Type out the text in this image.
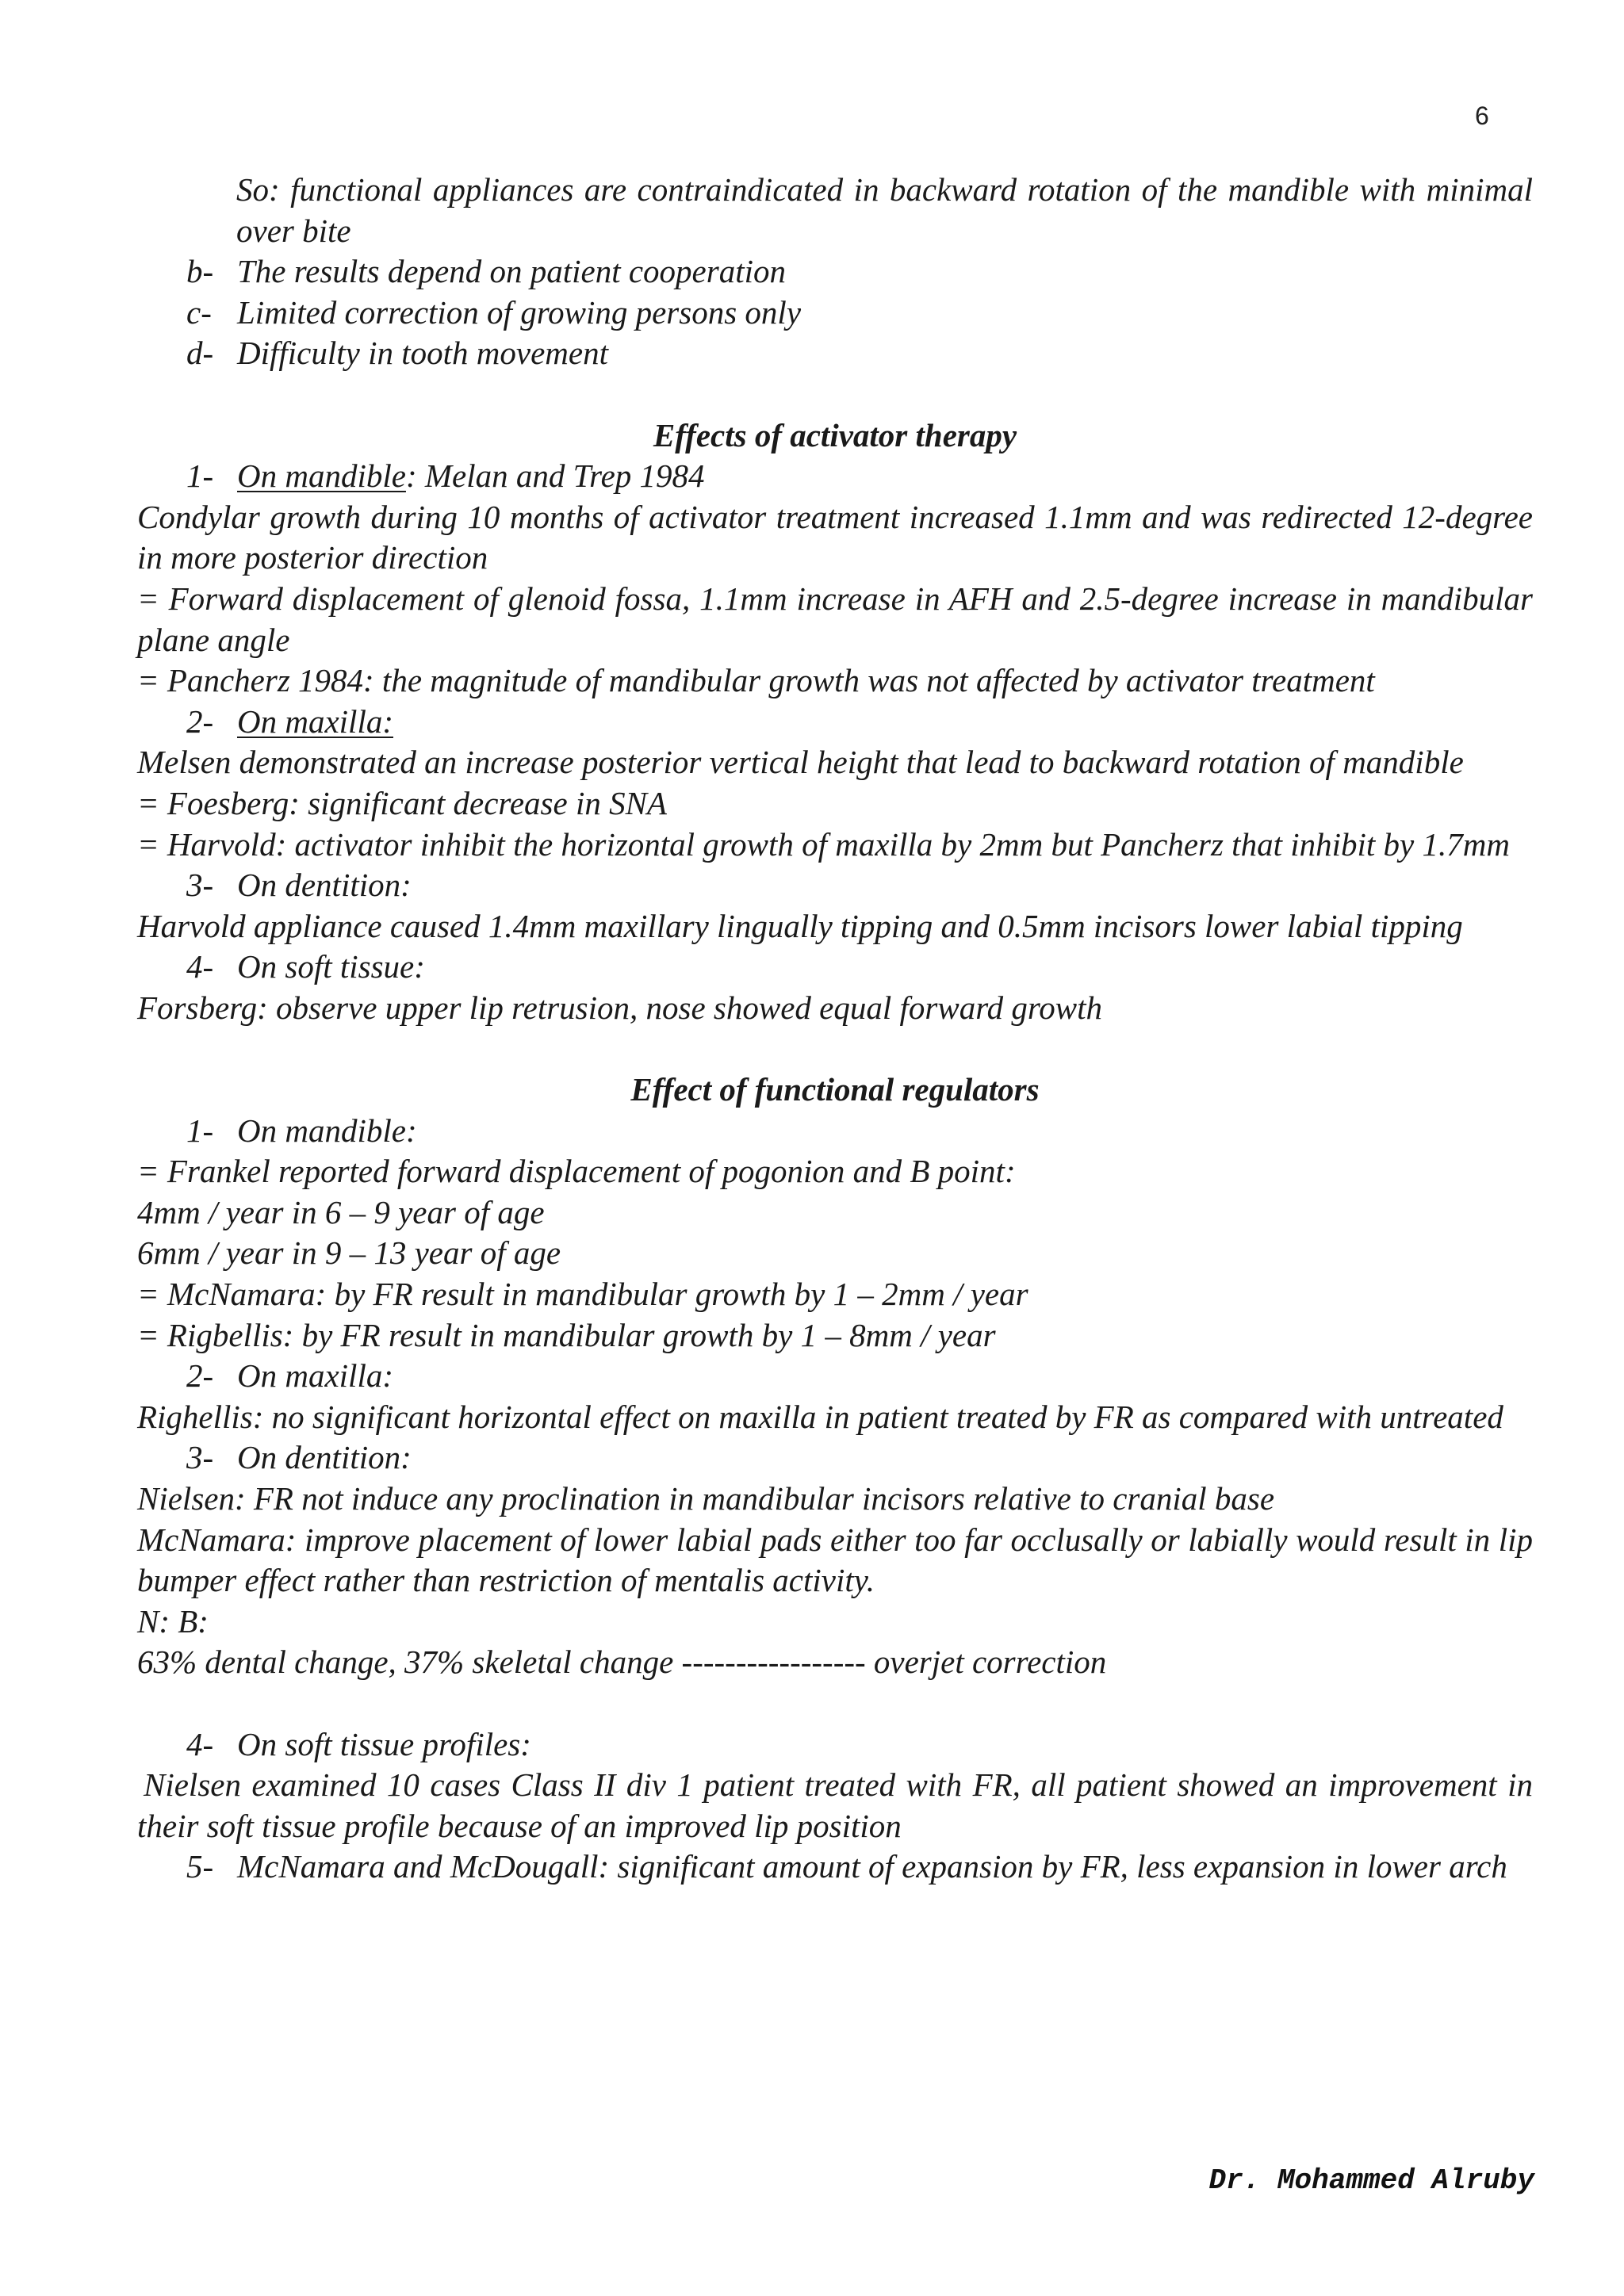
6

So: functional appliances are contraindicated in backward rotation of the mandible with minimal over bite

b- The results depend on patient cooperation
c- Limited correction of growing persons only
d- Difficulty in tooth movement

Effects of activator therapy

1- On mandible: Melan and Trep 1984

Condylar growth during 10 months of activator treatment increased 1.1mm and was redirected 12-degree in more posterior direction

= Forward displacement of glenoid fossa, 1.1mm increase in AFH and 2.5-degree increase in mandibular plane angle

= Pancherz 1984: the magnitude of mandibular growth was not affected by activator treatment

2- On maxilla:

Melsen demonstrated an increase posterior vertical height that lead to backward rotation of mandible

= Foesberg: significant decrease in SNA

= Harvold: activator inhibit the horizontal growth of maxilla by 2mm but Pancherz that inhibit by 1.7mm

3- On dentition:

Harvold appliance caused 1.4mm maxillary lingually tipping and 0.5mm incisors lower labial tipping

4- On soft tissue:

Forsberg: observe upper lip retrusion, nose showed equal forward growth

Effect of functional regulators

1- On mandible:

= Frankel reported forward displacement of pogonion and B point:

4mm / year in 6 – 9 year of age

6mm / year in 9 – 13 year of age

= McNamara: by FR result in mandibular growth by 1 – 2mm / year

= Rigbellis: by FR result in mandibular growth by 1 – 8mm / year

2- On maxilla:

Righellis: no significant horizontal effect on maxilla in patient treated by FR as compared with untreated

3- On dentition:

Nielsen: FR not induce any proclination in mandibular incisors relative to cranial base

McNamara: improve placement of lower labial pads either too far occlusally or labially would result in lip bumper effect rather than restriction of mentalis activity.

N: B:

63% dental change, 37% skeletal change ----------------- overjet correction

4- On soft tissue profiles:

Nielsen examined 10 cases Class II div 1 patient treated with FR, all patient showed an improvement in their soft tissue profile because of an improved lip position

5- McNamara and McDougall: significant amount of expansion by FR, less expansion in lower arch
Dr. Mohammed Alruby
